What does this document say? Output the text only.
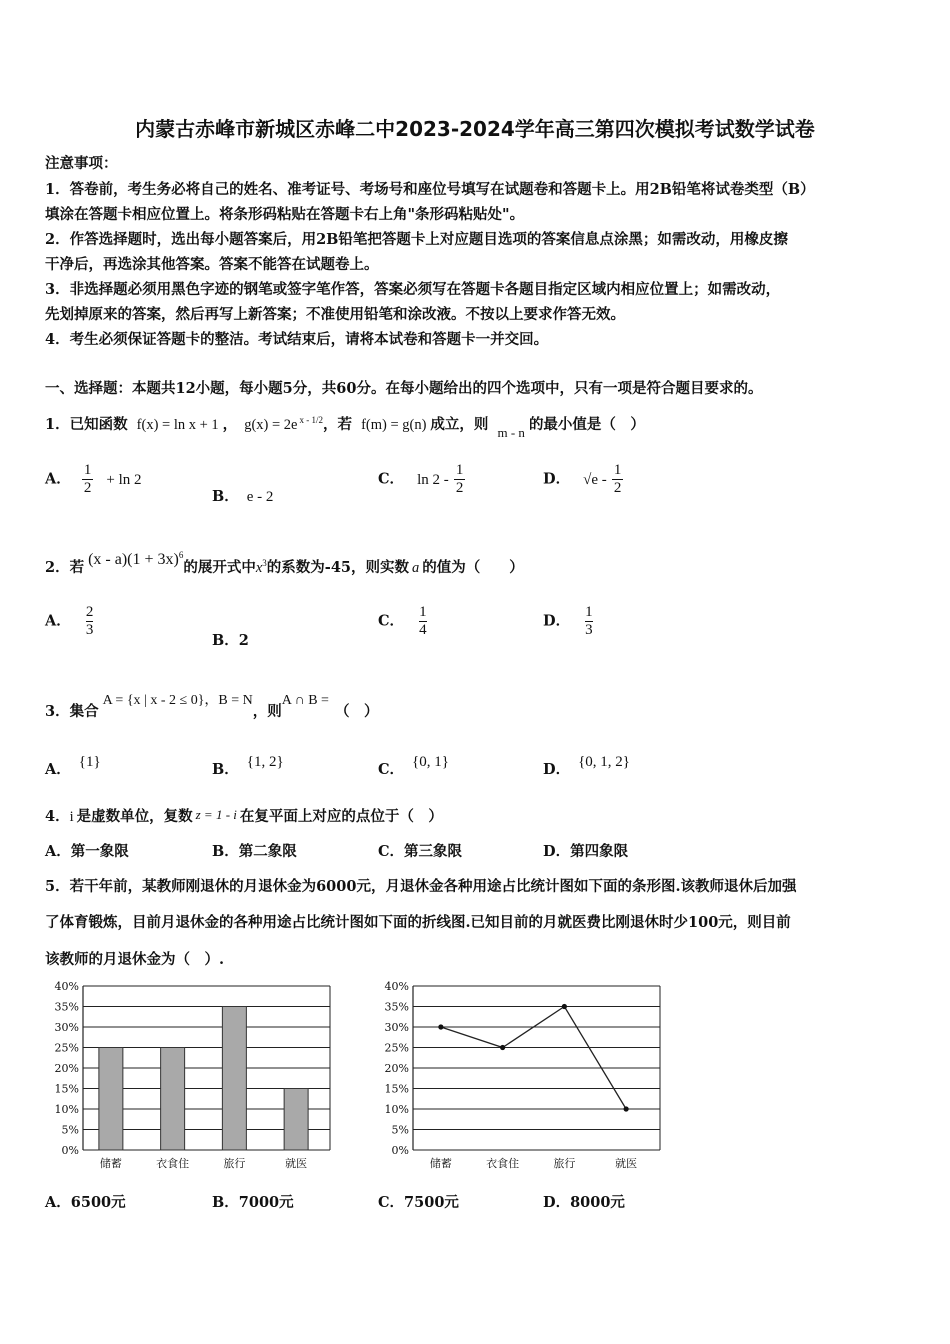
内蒙古赤峰市新城区赤峰二中2023-2024学年高三第四次模拟考试数学试卷
注意事项：
1．答卷前，考生务必将自己的姓名、准考证号、考场号和座位号填写在试题卷和答题卡上。用2B铅笔将试卷类型（B）
填涂在答题卡相应位置上。将条形码粘贴在答题卡右上角"条形码粘贴处"。
2．作答选择题时，选出每小题答案后，用2B铅笔把答题卡上对应题目选项的答案信息点涂黑；如需改动，用橡皮擦
干净后，再选涂其他答案。答案不能答在试题卷上。
3．非选择题必须用黑色字迹的钢笔或签字笔作答，答案必须写在答题卡各题目指定区域内相应位置上；如需改动，
先划掉原来的答案，然后再写上新答案；不准使用铅笔和涂改液。不按以上要求作答无效。
4．考生必须保证答题卡的整洁。考试结束后，请将本试卷和答题卡一并交回。
一、选择题：本题共12小题，每小题5分，共60分。在每小题给出的四个选项中，只有一项是符合题目要求的。
1．已知函数 f(x) = ln x + 1 ， g(x) = 2e $^{x - 1/2}$，若 f(m) = g(n) 成立，则 m - n 的最小值是（　）
A． $\frac{1}{2} + \ln 2$
B． e - 2
C． $\ln 2 - \frac{1}{2}$	D． $√e - \frac{1}{2}$
2．若 $(x - a)(1 + 3x)^6$的展开式中$x^3$的系数为-45，则实数 a 的值为（　　）
A． $\frac{2}{3}$
B．2
C． $\frac{1}{4}$	D． $\frac{1}{3}$
3．集合A = {x | x - 2 ≤ 0}，B = N，则A ∩ B =（　）
A． {1}	B． {1, 2}	C． {0, 1}	D． {0, 1, 2}
4．i 是虚数单位，复数 z = 1 - i 在复平面上对应的点位于（　）
A．第一象限	B．第二象限	C．第三象限	D．第四象限
5．若干年前，某教师刚退休的月退休金为6000元，月退休金各种用途占比统计图如下面的条形图.该教师退休后加强
了体育锻炼，目前月退休金的各种用途占比统计图如下面的折线图.已知目前的月就医费比刚退休时少100元，则目前
该教师的月退休金为（　）.
0%
5%
10%
15%
20%
25%
30%
35%
40%
储蓄	衣食住	旅行	就医
0%
5%
10%
15%
20%
25%
30%
35%
40%
储蓄	衣食住	旅行	就医
A．6500元	B．7000元	C．7500元	D．8000元
